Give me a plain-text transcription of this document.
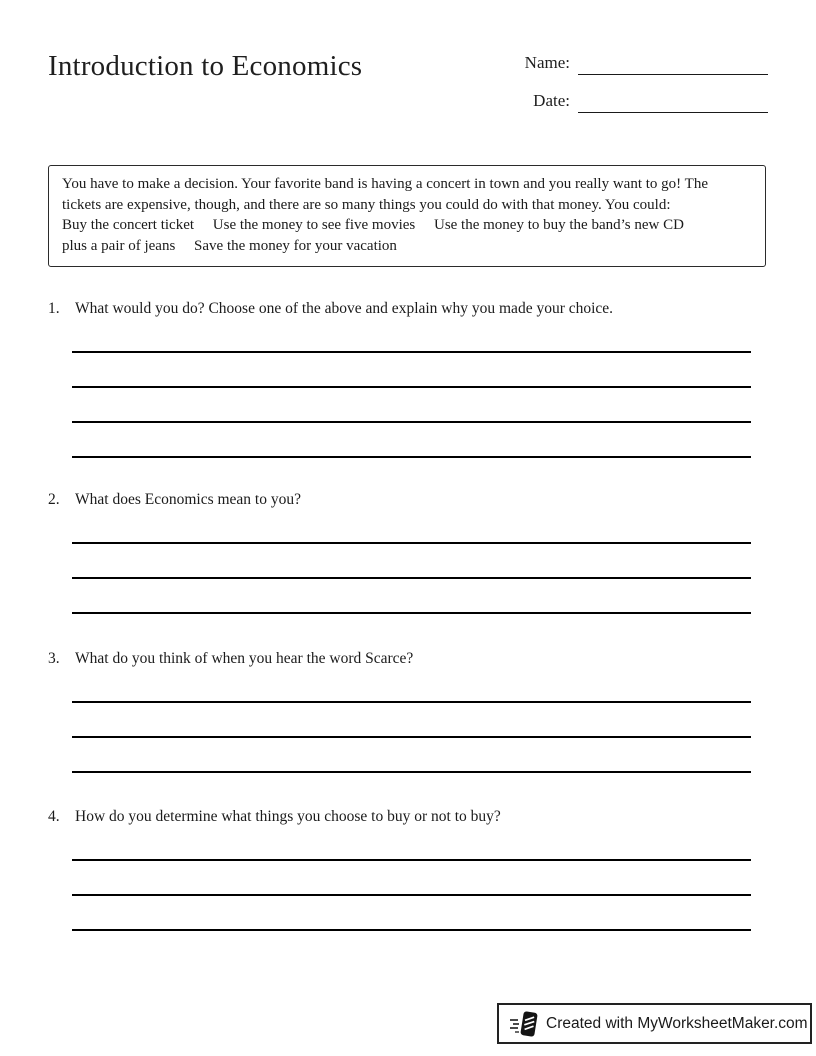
Introduction to Economics	Name:
Date:
You have to make a decision. Your favorite band is having a concert in town and you really want to go! The
tickets are expensive, though, and there are so many things you could do with that money. You could:
Buy the concert ticket     Use the money to see five movies     Use the money to buy the band’s new CD
plus a pair of jeans     Save the money for your vacation
1. What would you do? Choose one of the above and explain why you made your choice.
2. What does Economics mean to you?
3. What do you think of when you hear the word Scarce?
4. How do you determine what things you choose to buy or not to buy?
Created with MyWorksheetMaker.com
